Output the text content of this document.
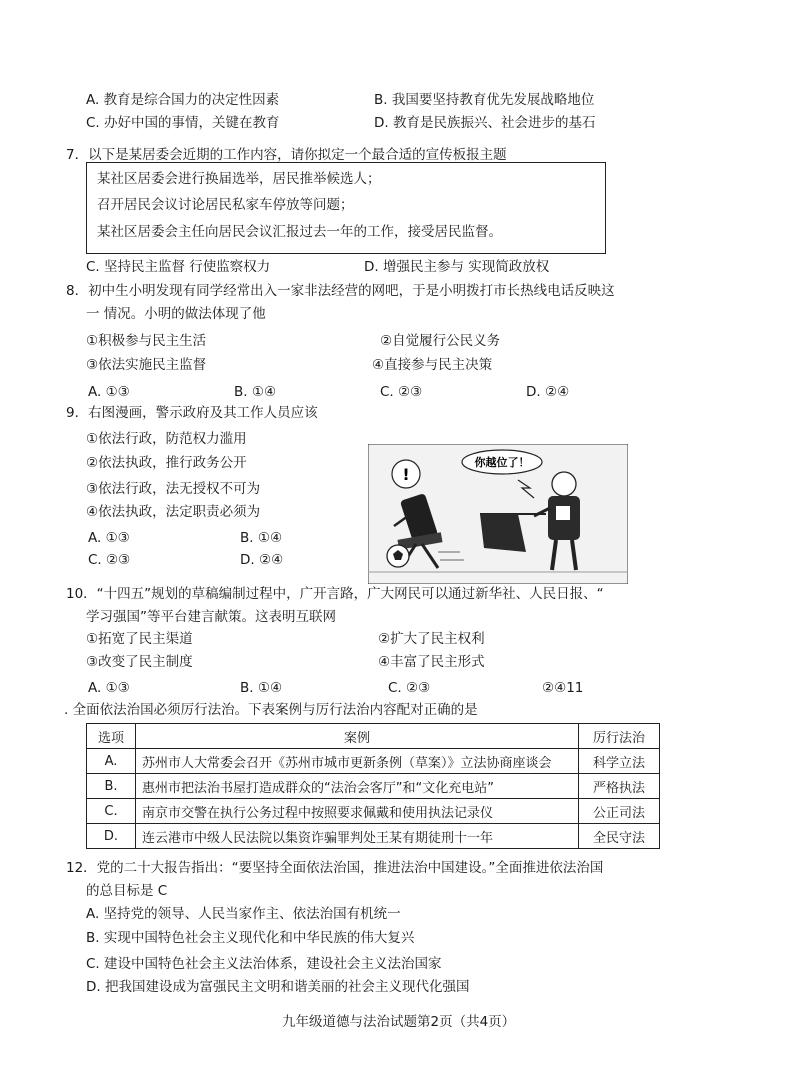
A. 教育是综合国力的决定性因素	B. 我国要坚持教育优先发展战略地位
C. 办好中国的事情，关键在教育	D. 教育是民族振兴、社会进步的基石
7．以下是某居委会近期的工作内容，请你拟定一个最合适的宣传板报主题
某社区居委会进行换届选举，居民推举候选人；
召开居民会议讨论居民私家车停放等问题；
某社区居委会主任向居民会议汇报过去一年的工作，接受居民监督。
C. 坚持民主监督 行使监察权力	D. 增强民主参与 实现简政放权
8．初中生小明发现有同学经常出入一家非法经营的网吧，于是小明拨打市长热线电话反映这
一 情况。小明的做法体现了他
①积极参与民主生活	②自觉履行公民义务
③依法实施民主监督	④直接参与民主决策
A. ①③	B. ①④	C. ②③	D. ②④
9．右图漫画，警示政府及其工作人员应该
①依法行政，防范权力滥用
②依法执政，推行政务公开
③依法行政，法无授权不可为
④依法执政，法定职责必须为
A. ①③	B. ①④
C. ②③	D. ②④
你越位了！
!
10．“十四五”规划的草稿编制过程中，广开言路，广大网民可以通过新华社、人民日报、“
学习强国”等平台建言献策。这表明互联网
①拓宽了民主渠道	②扩大了民主权利
③改变了民主制度	④丰富了民主形式
A. ①③	B. ①④	C. ②③	②④11
. 全面依法治国必须厉行法治。下表案例与厉行法治内容配对正确的是
选项	案例	厉行法治
A.	苏州市人大常委会召开《苏州市城市更新条例（草案）》立法协商座谈会	科学立法
B.	惠州市把法治书屋打造成群众的“法治会客厅”和“文化充电站”	严格执法
C.	南京市交警在执行公务过程中按照要求佩戴和使用执法记录仪	公正司法
D.	连云港市中级人民法院以集资诈骗罪判处王某有期徒刑十一年	全民守法
12．党的二十大报告指出：“要坚持全面依法治国，推进法治中国建设。”全面推进依法治国
的总目标是 C
A. 坚持党的领导、人民当家作主、依法治国有机统一
B. 实现中国特色社会主义现代化和中华民族的伟大复兴
C. 建设中国特色社会主义法治体系，建设社会主义法治国家
D. 把我国建设成为富强民主文明和谐美丽的社会主义现代化强国
九年级道德与法治试题第2页（共4页）
